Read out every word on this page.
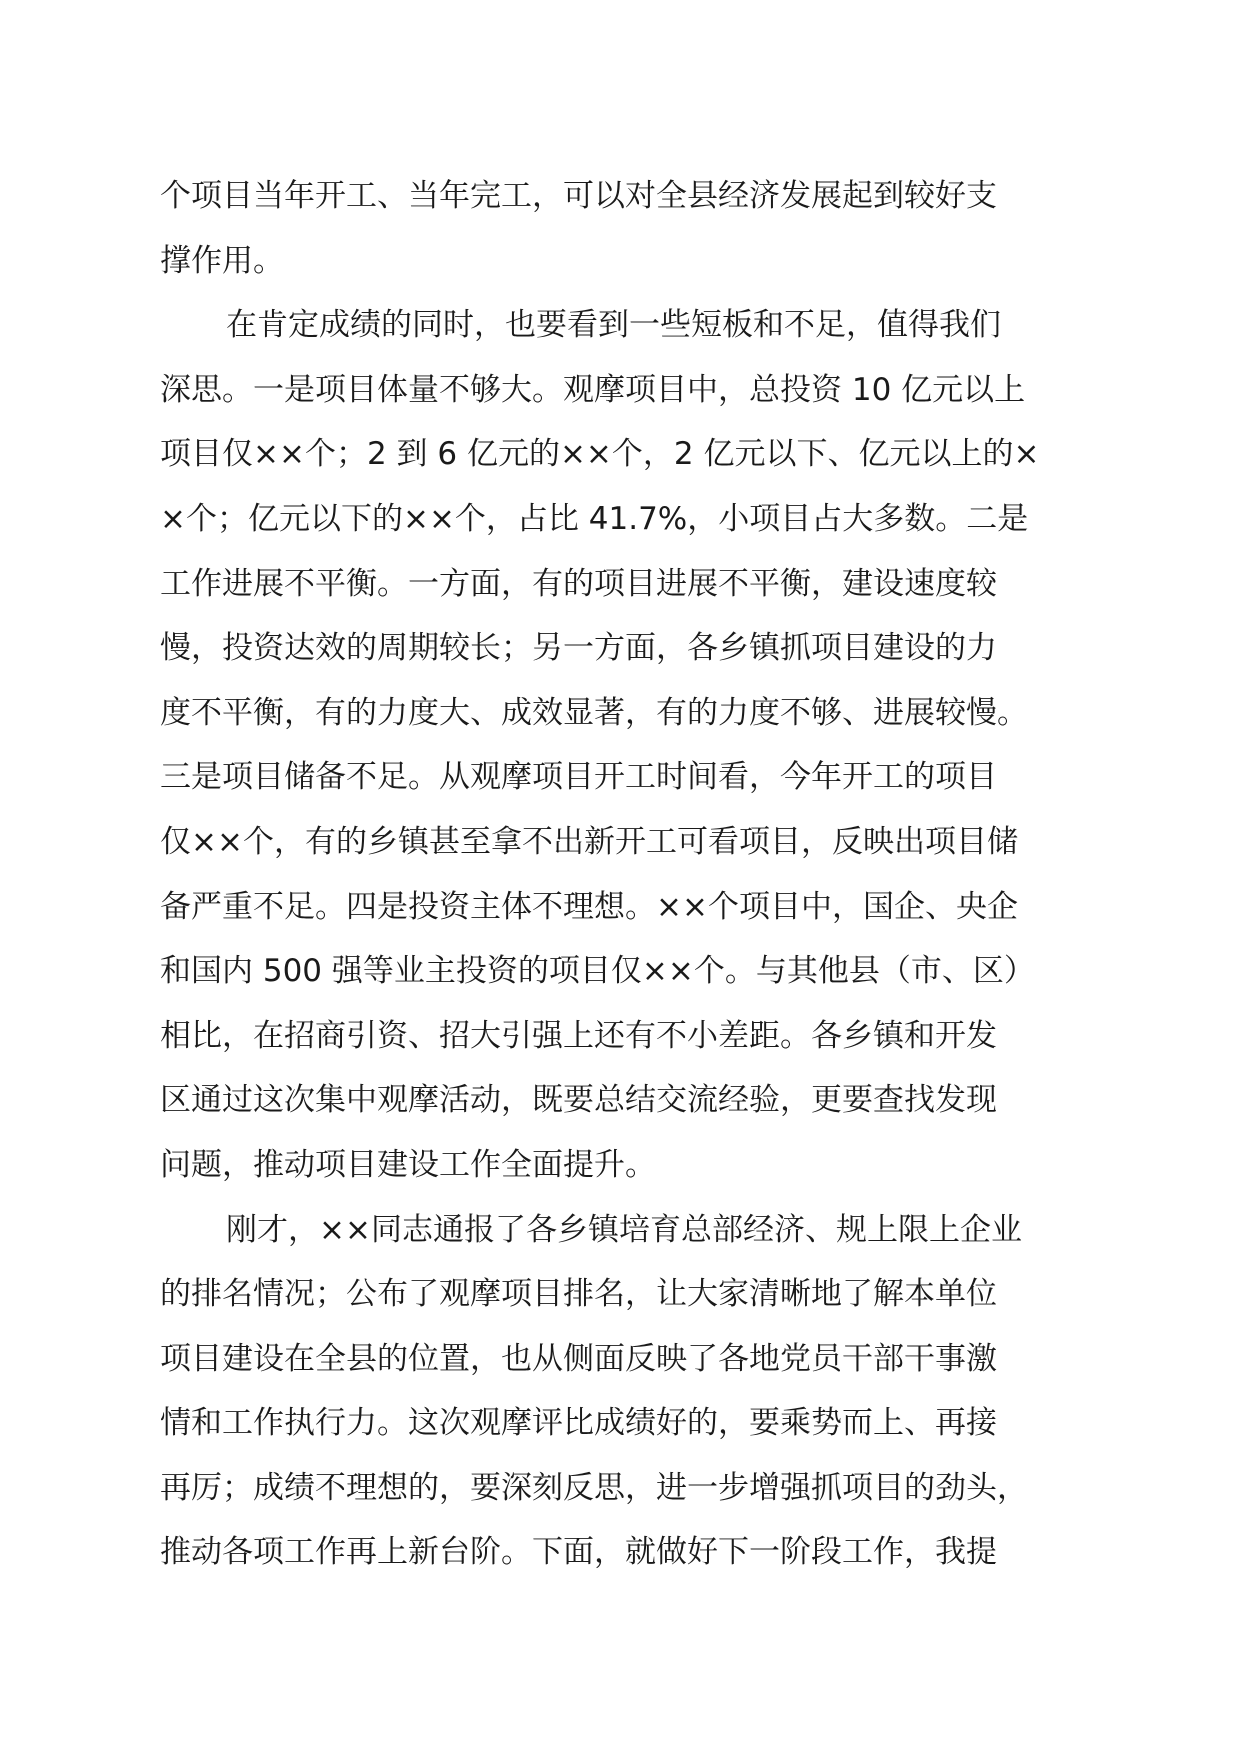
个项目当年开工、当年完工，可以对全县经济发展起到较好支
撑作用。

在肯定成绩的同时，也要看到一些短板和不足，值得我们
深思。一是项目体量不够大。观摩项目中，总投资 10 亿元以上
项目仅××个；2 到 6 亿元的××个，2 亿元以下、亿元以上的×
×个；亿元以下的××个，占比 41.7%，小项目占大多数。二是
工作进展不平衡。一方面，有的项目进展不平衡，建设速度较
慢，投资达效的周期较长；另一方面，各乡镇抓项目建设的力
度不平衡，有的力度大、成效显著，有的力度不够、进展较慢。
三是项目储备不足。从观摩项目开工时间看，今年开工的项目
仅××个，有的乡镇甚至拿不出新开工可看项目，反映出项目储
备严重不足。四是投资主体不理想。××个项目中，国企、央企
和国内 500 强等业主投资的项目仅××个。与其他县（市、区）
相比，在招商引资、招大引强上还有不小差距。各乡镇和开发
区通过这次集中观摩活动，既要总结交流经验，更要查找发现
问题，推动项目建设工作全面提升。

刚才，××同志通报了各乡镇培育总部经济、规上限上企业
的排名情况；公布了观摩项目排名，让大家清晰地了解本单位
项目建设在全县的位置，也从侧面反映了各地党员干部干事激
情和工作执行力。这次观摩评比成绩好的，要乘势而上、再接
再厉；成绩不理想的，要深刻反思，进一步增强抓项目的劲头，
推动各项工作再上新台阶。下面，就做好下一阶段工作，我提
